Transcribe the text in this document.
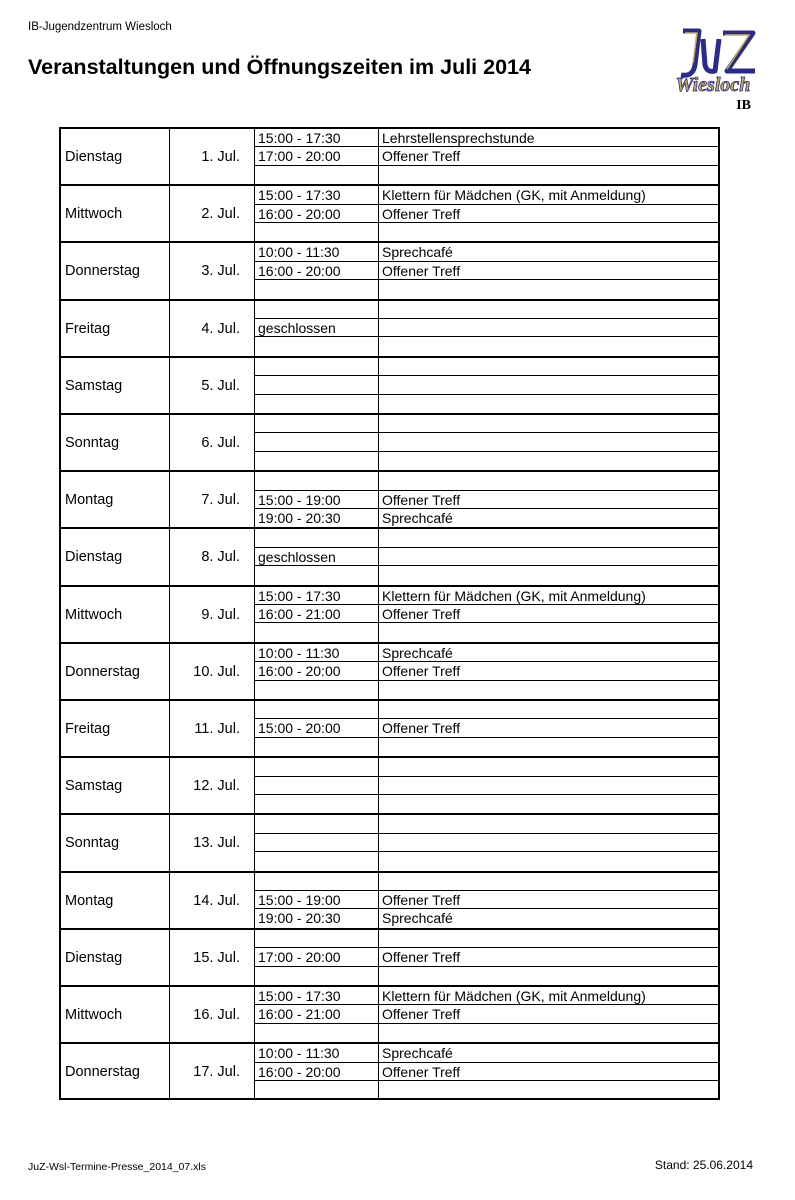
IB-Jugendzentrum Wiesloch
Veranstaltungen und Öffnungszeiten im Juli 2014
Wiesloch
IB
Dienstag	1. Jul.
15:00 - 17:30	Lehrstellensprechstunde
17:00 - 20:00	Offener Treff
Mittwoch	2. Jul.
15:00 - 17:30	Klettern für Mädchen (GK, mit Anmeldung)
16:00 - 20:00	Offener Treff
Donnerstag	3. Jul.
10:00 - 11:30	Sprechcafé
16:00 - 20:00	Offener Treff
Freitag	4. Jul. geschlossen
Samstag	5. Jul.
Sonntag	6. Jul.
Montag	7. Jul. 15:00 - 19:00	Offener Treff
19:00 - 20:30	Sprechcafé
Dienstag	8. Jul. geschlossen
Mittwoch	9. Jul.
15:00 - 17:30	Klettern für Mädchen (GK, mit Anmeldung)
16:00 - 21:00	Offener Treff
Donnerstag	10. Jul.
10:00 - 11:30	Sprechcafé
16:00 - 20:00	Offener Treff
Freitag	11. Jul. 15:00 - 20:00	Offener Treff
Samstag	12. Jul.
Sonntag	13. Jul.
Montag	14. Jul. 15:00 - 19:00	Offener Treff
19:00 - 20:30	Sprechcafé
Dienstag	15. Jul. 17:00 - 20:00	Offener Treff
Mittwoch	16. Jul.
15:00 - 17:30	Klettern für Mädchen (GK, mit Anmeldung)
16:00 - 21:00	Offener Treff
Donnerstag	17. Jul.
10:00 - 11:30	Sprechcafé
16:00 - 20:00	Offener Treff
JuZ-Wsl-Termine-Presse_2014_07.xls	Stand: 25.06.2014
